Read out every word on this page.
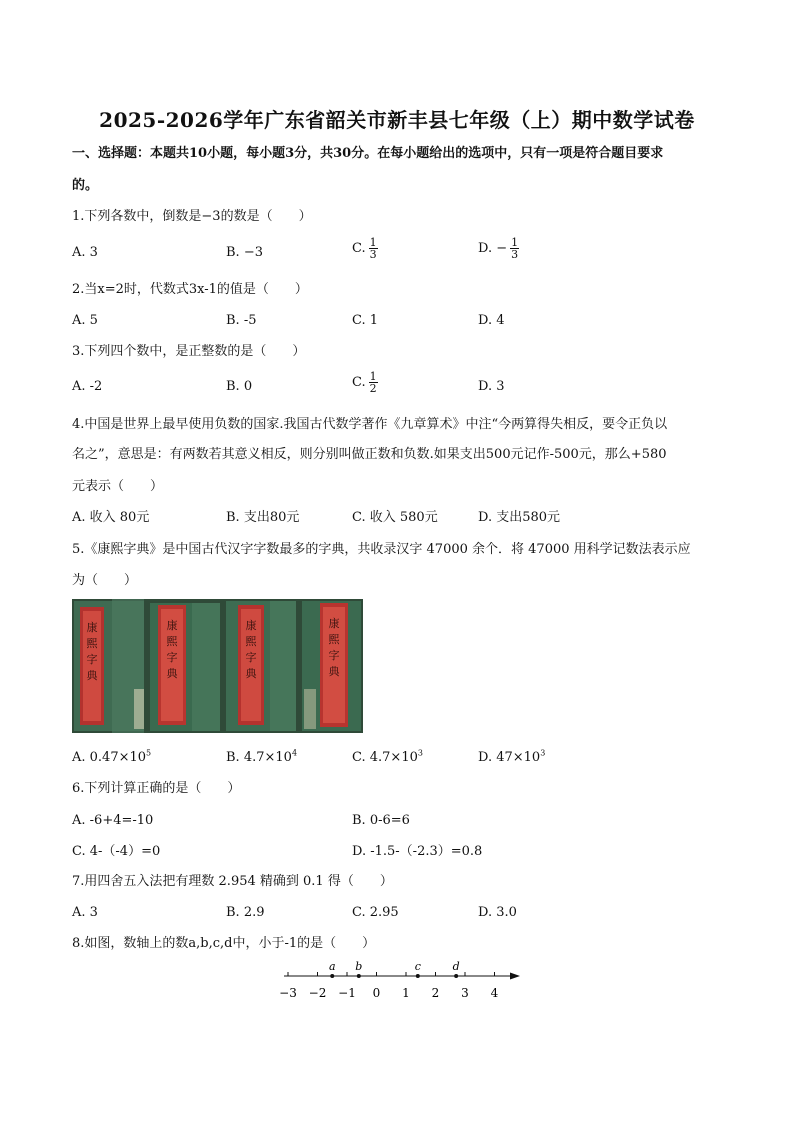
2025-2026学年广东省韶关市新丰县七年级（上）期中数学试卷
一、选择题：本题共10小题，每小题3分，共30分。在每小题给出的选项中，只有一项是符合题目要求
的。
1.下列各数中，倒数是−3的数是（　　）
A. 3	B. −3	C. $\frac{1}{3}$	D. − $\frac{1}{3}$
2.当x=2时，代数式3x-1的值是（　　）
A. 5	B. -5	C. 1	D. 4
3.下列四个数中，是正整数的是（　　）
A. -2	B. 0	C. $\frac{1}{2}$	D. 3
4.中国是世界上最早使用负数的国家.我国古代数学著作《九章算术》中注“今两算得失相反，要令正负以
名之”，意思是：有两数若其意义相反，则分别叫做正数和负数.如果支出500元记作-500元，那么+580
元表示（　　）
A. 收入 80元	B. 支出80元	C. 收入 580元	D. 支出580元
5.《康熙字典》是中国古代汉字字数最多的字典，共收录汉字 47000 余个．将 47000 用科学记数法表示应
为（　　）
康
熙
字
典
康
熙
字
典
康
熙
字
典
康
熙
字
典
A. $0.47\times 10^5$	B. $4.7\times 10^4$	C. $4.7\times 10^3$	D. $47\times 10^3$
6.下列计算正确的是（　　）
A. -6+4=-10	B. 0-6=6
C. 4-（-4）=0	D. -1.5-（-2.3）=0.8
7.用四舍五入法把有理数 2.954 精确到 0.1 得（　　）
A. 3	B. 2.9	C. 2.95	D. 3.0
8.如图，数轴上的数a,b,c,d中，小于-1的是（　　）
−3 −2 −1 0 1 2 3 4
a b	c	d
